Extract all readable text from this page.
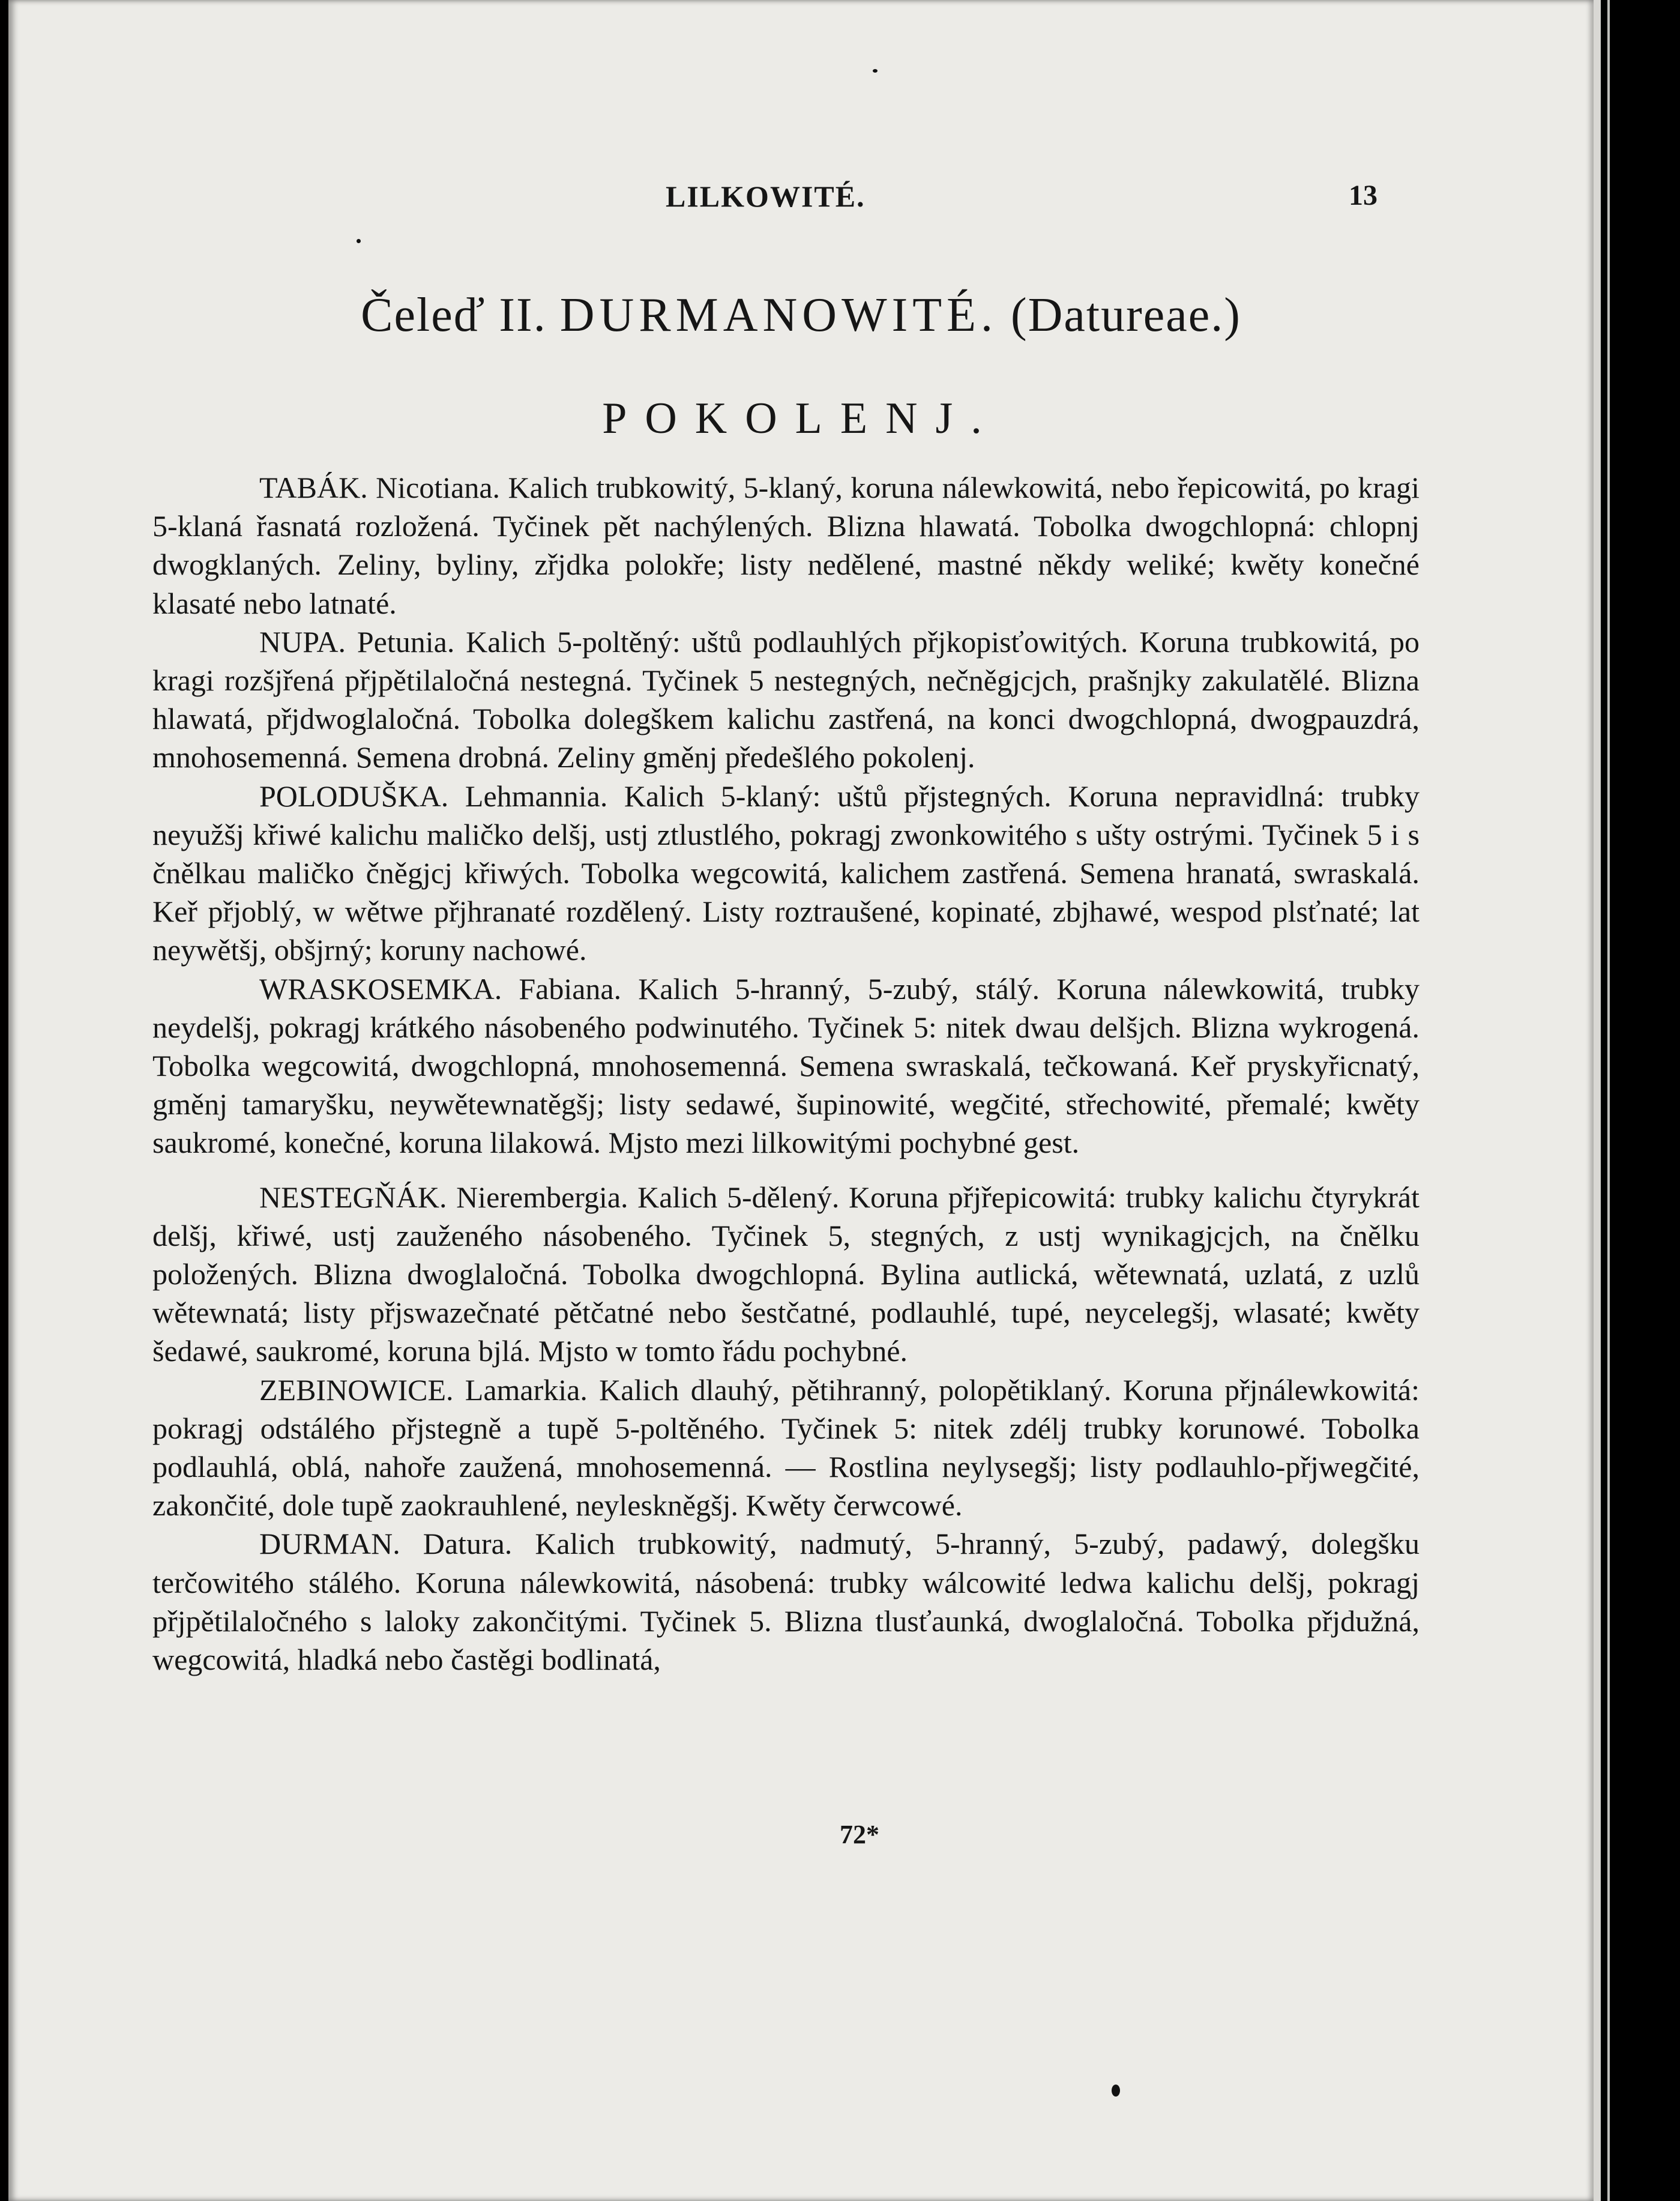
LILKOWITÉ.	13
Čeleď II. DURMANOWITÉ. (Datureae.)
POKOLENJ.

TABÁK. Nicotiana. Kalich trubkowitý, 5-klaný, koruna nálewkowitá, nebo řepicowitá, po kragi 5-klaná řasnatá rozložená. Tyčinek pět nachýlených. Blizna hlawatá. Tobolka dwogchlopná: chlopnj dwogklaných. Zeliny, byliny, zřjdka polokře; listy nedělené, mastné někdy weliké; kwěty konečné klasaté nebo latnaté.

NUPA. Petunia. Kalich 5-poltěný: uštů podlauhlých přjkopisťowitých. Koruna trubkowitá, po kragi rozšjřená přjpětilaločná nestegná. Tyčinek 5 nestegných, nečněgjcjch, prašnjky zakulatělé. Blizna hlawatá, přjdwoglaločná. Tobolka dolegškem kalichu zastřená, na konci dwogchlopná, dwogpauzdrá, mnohosemenná. Semena drobná. Zeliny gměnj předešlého pokolenj.

POLODUŠKA. Lehmannia. Kalich 5-klaný: uštů přjstegných. Koruna nepravidlná: trubky neyužšj křiwé kalichu maličko delšj, ustj ztlustlého, pokragj zwonkowitého s ušty ostrými. Tyčinek 5 i s čnělkau maličko čněgjcj křiwých. Tobolka wegcowitá, kalichem zastřená. Semena hranatá, swraskalá. Keř přjoblý, w wětwe přjhranaté rozdělený. Listy roztraušené, kopinaté, zbjhawé, wespod plsťnaté; lat neywětšj, obšjrný; koruny nachowé.

WRASKOSEMKA. Fabiana. Kalich 5-hranný, 5-zubý, stálý. Koruna nálewkowitá, trubky neydelšj, pokragj krátkého násobeného podwinutého. Tyčinek 5: nitek dwau delšjch. Blizna wykrogená. Tobolka wegcowitá, dwogchlopná, mnohosemenná. Semena swraskalá, tečkowaná. Keř pryskyřicnatý, gměnj tamaryšku, neywětewnatěgšj; listy sedawé, šupinowité, wegčité, střechowité, přemalé; kwěty saukromé, konečné, koruna lilakowá. Mjsto mezi lilkowitými pochybné gest.

NESTEGŇÁK. Nierembergia. Kalich 5-dělený. Koruna přjřepicowitá: trubky kalichu čtyrykrát delšj, křiwé, ustj zauženého násobeného. Tyčinek 5, stegných, z ustj wynikagjcjch, na čnělku položených. Blizna dwoglaločná. Tobolka dwogchlopná. Bylina autlická, wětewnatá, uzlatá, z uzlů wětewnatá; listy přjswazečnaté pětčatné nebo šestčatné, podlauhlé, tupé, neycelegšj, wlasaté; kwěty šedawé, saukromé, koruna bjlá. Mjsto w tomto řádu pochybné.

ZEBINOWICE. Lamarkia. Kalich dlauhý, pětihranný, polopětiklaný. Koruna přjnálewkowitá: pokragj odstálého přjstegně a tupě 5-poltěného. Tyčinek 5: nitek zdélj trubky korunowé. Tobolka podlauhlá, oblá, nahoře zaužená, mnohosemenná. — Rostlina neylysegšj; listy podlauhlo-přjwegčité, zakončité, dole tupě zaokrauhlené, neyleskněgšj. Kwěty čerwcowé.

DURMAN. Datura. Kalich trubkowitý, nadmutý, 5-hranný, 5-zubý, padawý, dolegšku terčowitého stálého. Koruna nálewkowitá, násobená: trubky wálcowité ledwa kalichu delšj, pokragj přjpětilaločného s laloky zakončitými. Tyčinek 5. Blizna tlusťaunká, dwoglaločná. Tobolka přjdužná, wegcowitá, hladká nebo častěgi bodlinatá,

72*
